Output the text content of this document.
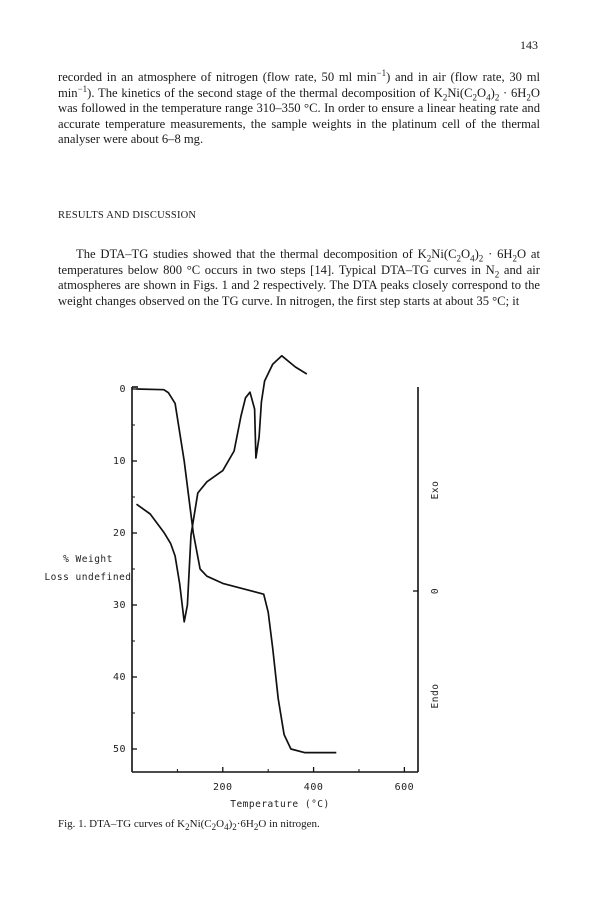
143

recorded in an atmosphere of nitrogen (flow rate, 50 ml $\min^{-1}$) and in air (flow rate, 30 ml $\min^{-1}$). The kinetics of the second stage of the thermal decomposition of $K_2Ni(C_2O_4)_2 \cdot 6H_2O$ was followed in the temperature range 310–350 °C. In order to ensure a linear heating rate and accurate temperature measurements, the sample weights in the platinum cell of the thermal analyser were about 6–8 mg.

RESULTS AND DISCUSSION

The DTA–TG studies showed that the thermal decomposition of $K_2Ni(C_2O_4)_2 \cdot 6H_2O$ at temperatures below 800 °C occurs in two steps [14]. Typical DTA–TG curves in $N_2$ and air atmospheres are shown in Figs. 1 and 2 respectively. The DTA peaks closely correspond to the weight changes observed on the TG curve. In nitrogen, the first step starts at about 35 °C; it

0
10
20
30
40
50
200	400	600
% Weight
Loss undefined
Temperature (°C)
Exo
0
Endo
Fig. 1. DTA–TG curves of $K_2Ni(C_2O_4)_2\cdot 6H_2O$ in nitrogen.
